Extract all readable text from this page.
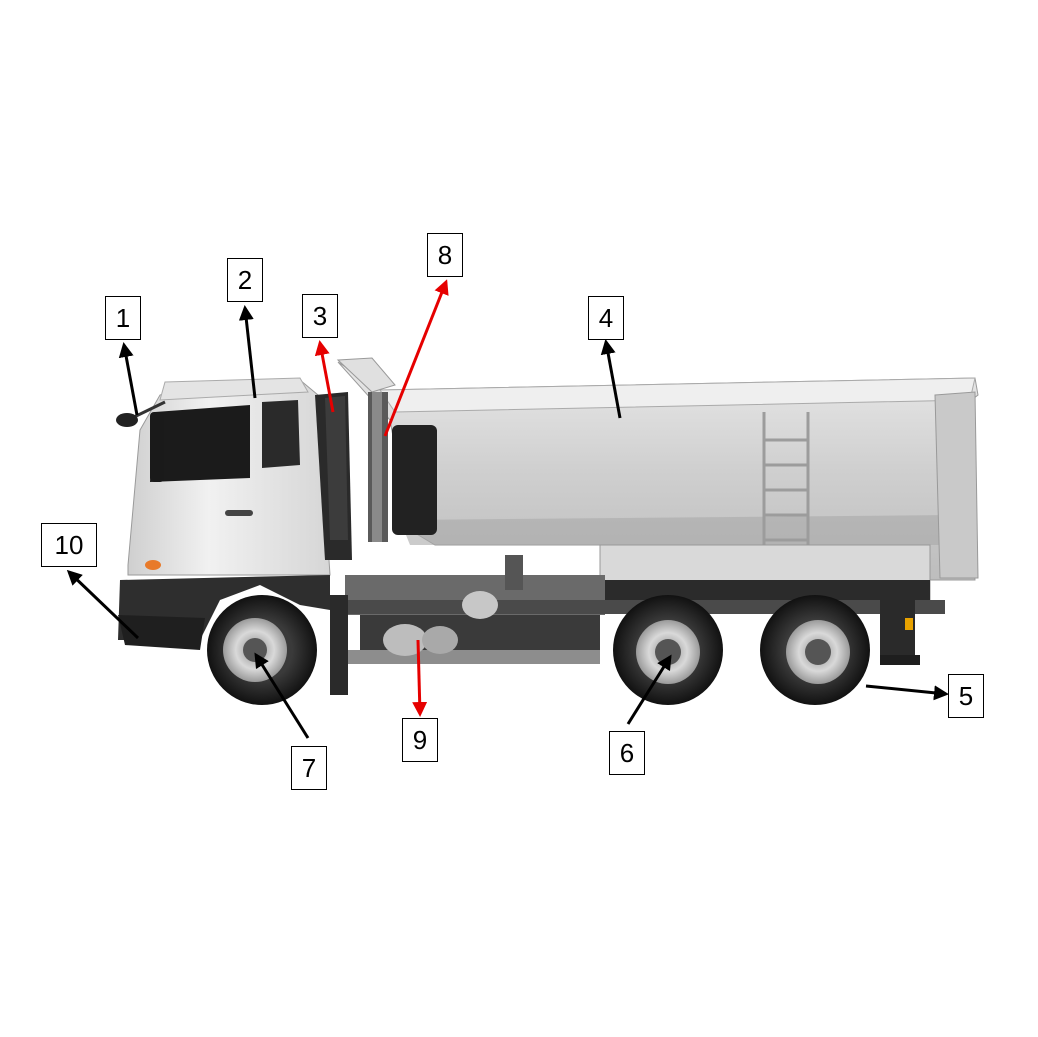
1
2
3	4
5
6
7
8
9
10
